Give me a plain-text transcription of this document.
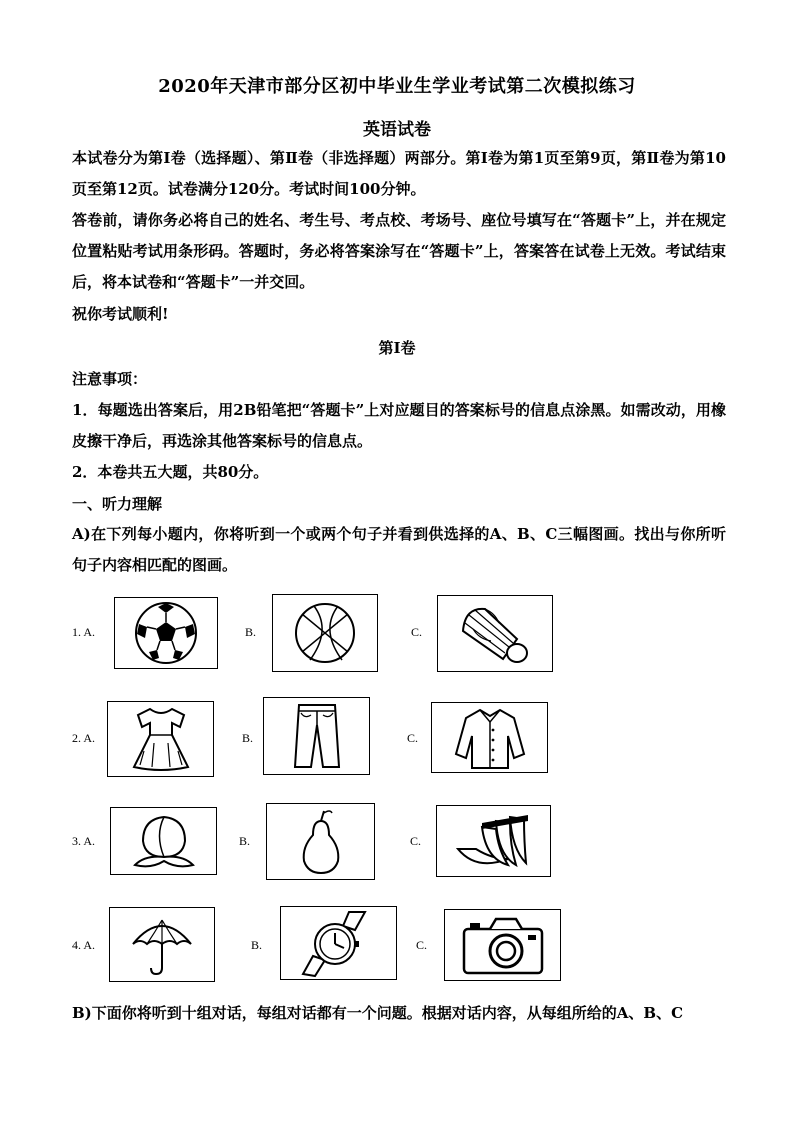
2020年天津市部分区初中毕业生学业考试第二次模拟练习
英语试卷

本试卷分为第Ⅰ卷（选择题）、第Ⅱ卷（非选择题）两部分。第Ⅰ卷为第1页至第9页，第Ⅱ卷为第10页至第12页。试卷满分120分。考试时间100分钟。

答卷前，请你务必将自己的姓名、考生号、考点校、考场号、座位号填写在“答题卡”上，并在规定位置粘贴考试用条形码。答题时，务必将答案涂写在“答题卡”上，答案答在试卷上无效。考试结束后，将本试卷和“答题卡”一并交回。

祝你考试顺利!

第Ⅰ卷

注意事项：

1．每题选出答案后，用2B铅笔把“答题卡”上对应题目的答案标号的信息点涂黑。如需改动，用橡皮擦干净后，再选涂其他答案标号的信息点。

2．本卷共五大题，共80分。

一、听力理解

A)在下列每小题内，你将听到一个或两个句子并看到供选择的A、B、C三幅图画。找出与你所听句子内容相匹配的图画。

1. A.	B.	C.
2. A.	B.	C.
3. A.	B.	C.
4. A.	B.	C.

B)下面你将听到十组对话，每组对话都有一个问题。根据对话内容，从每组所给的A、B、C
